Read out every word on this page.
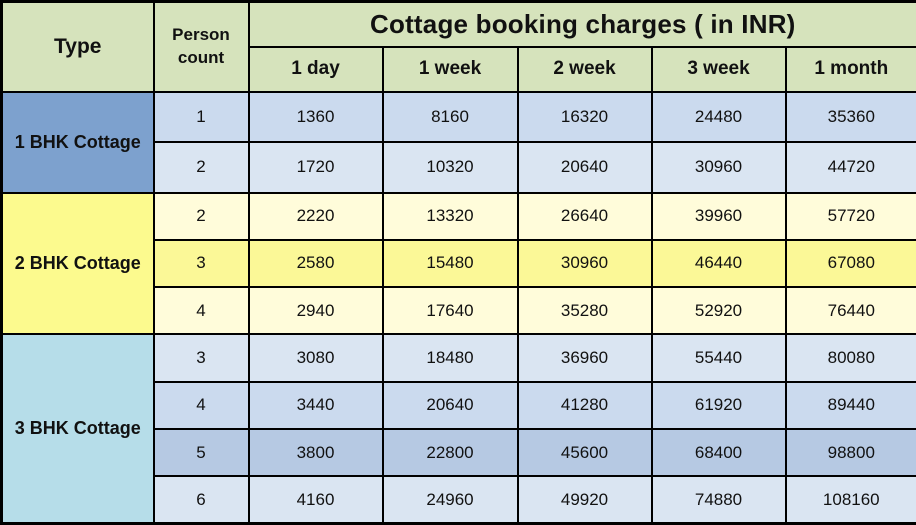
Type	Person count	Cottage booking charges ( in INR)				
		1 day	1 week	2 week	3 week	1 month
1 BHK Cottage	1	1360	8160	16320	24480	35360
	2	1720	10320	20640	30960	44720
2 BHK Cottage	2	2220	13320	26640	39960	57720
	3	2580	15480	30960	46440	67080
	4	2940	17640	35280	52920	76440
3 BHK Cottage	3	3080	18480	36960	55440	80080
	4	3440	20640	41280	61920	89440
	5	3800	22800	45600	68400	98800
	6	4160	24960	49920	74880	108160
